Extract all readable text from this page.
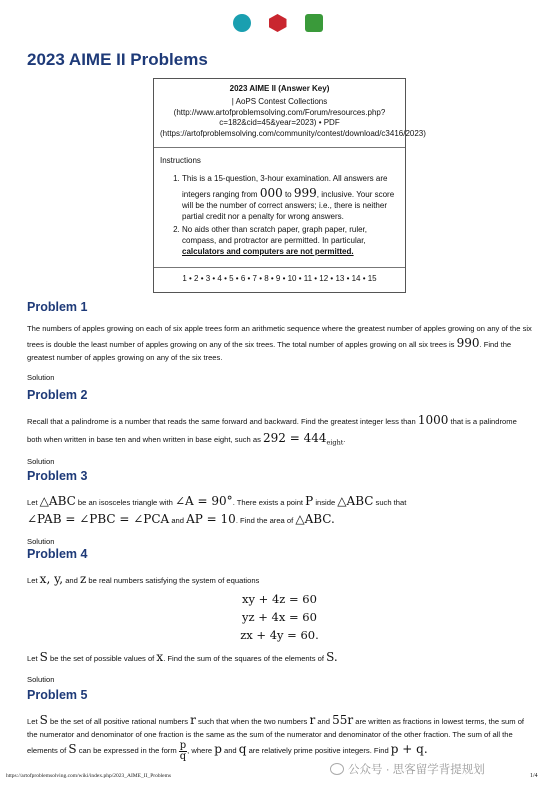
2023 AIME II Problems
2023 AIME II (Answer Key)
| AoPS Contest Collections (http://www.artofproblemsolving.com/Forum/resources.php?c=182&cid=45&year=2023) • PDF (https://artofproblemsolving.com/community/contest/download/c3416/2023)
Instructions
1. This is a 15-question, 3-hour examination. All answers are integers ranging from 000 to 999, inclusive. Your score will be the number of correct answers; i.e., there is neither partial credit nor a penalty for wrong answers.
2. No aids other than scratch paper, graph paper, ruler, compass, and protractor are permitted. In particular, calculators and computers are not permitted.
1 • 2 • 3 • 4 • 5 • 6 • 7 • 8 • 9 • 10 • 11 • 12 • 13 • 14 • 15
Problem 1

The numbers of apples growing on each of six apple trees form an arithmetic sequence where the greatest number of apples growing on any of the six trees is double the least number of apples growing on any of the six trees. The total number of apples growing on all six trees is 990. Find the greatest number of apples growing on any of the six trees.

Solution
Problem 2

Recall that a palindrome is a number that reads the same forward and backward. Find the greatest integer less than 1000 that is a palindrome both when written in base ten and when written in base eight, such as $292 = 444_{eight}$.

Solution
Problem 3

Let △ABC be an isosceles triangle with ∠A = 90°. There exists a point P inside △ABC such that
∠PAB = ∠PBC = ∠PCA and AP = 10. Find the area of △ABC.

Solution
Problem 4

Let x, y, and z be real numbers satisfying the system of equations

xy + 4z = 60
yz + 4x = 60
zx + 4y = 60.

Let S be the set of possible values of x. Find the sum of the squares of the elements of S.

Solution
Problem 5

Let S be the set of all positive rational numbers r such that when the two numbers r and 55r are written as fractions in lowest terms, the sum of the numerator and denominator of one fraction is the same as the sum of the numerator and denominator of the other fraction. The sum of all the elements of S can be expressed in the form $\frac{p}{q}$ , where p and q are relatively prime positive integers. Find p + q.

公众号 · 思客留学背提规划
https://artofproblemsolving.com/wiki/index.php/2023_AIME_II_Problems	1/4
